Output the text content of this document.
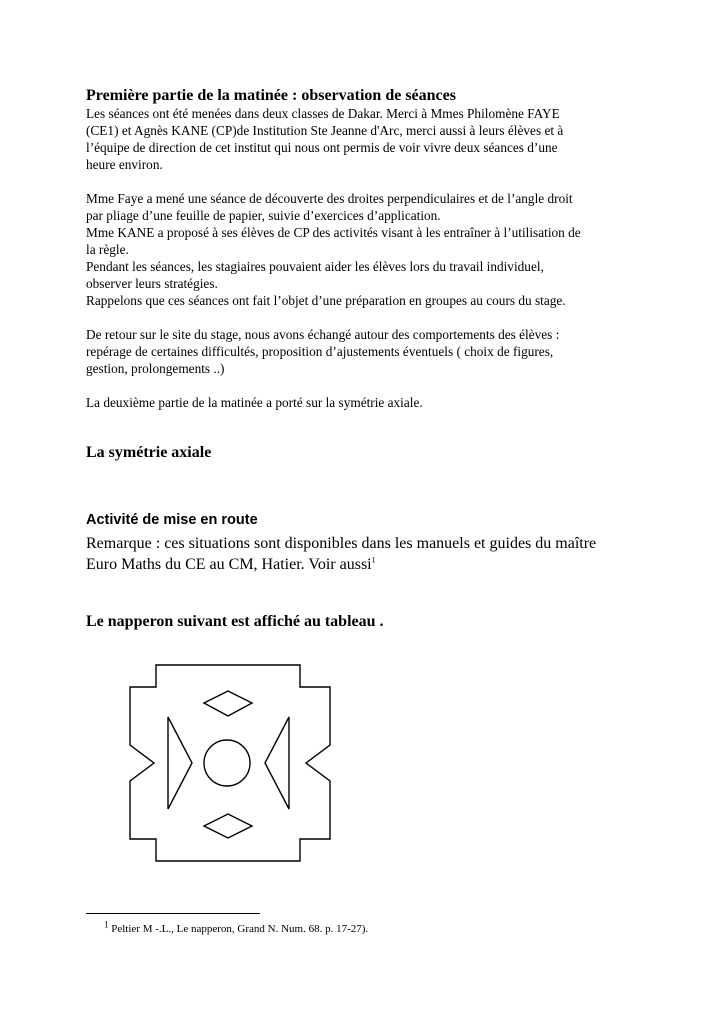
Première partie de la matinée : observation de séances

Les séances ont été menées dans deux classes de Dakar. Merci à Mmes Philomène FAYE

(CE1) et Agnès KANE (CP)de Institution Ste Jeanne d'Arc, merci aussi à leurs élèves et à

l’équipe de direction de cet institut qui nous ont permis de voir vivre deux séances d’une

heure environ.

Mme Faye a mené une séance de découverte des droites perpendiculaires et de l’angle droit

par pliage d’une feuille de papier, suivie d’exercices d’application.

Mme KANE a proposé à ses élèves de CP des activités visant à les entraîner à l’utilisation de

la règle.

Pendant les séances, les stagiaires pouvaient aider les élèves lors du travail individuel,

observer leurs stratégies.

Rappelons que ces séances ont fait l’objet d’une préparation en groupes au cours du stage.

De retour sur le site du stage, nous avons échangé autour des comportements des élèves :

repérage de certaines difficultés, proposition d’ajustements éventuels ( choix de figures,

gestion, prolongements ..)

La deuxième partie de la matinée a porté sur la symétrie axiale.

La symétrie axiale

Activité de mise en route

Remarque : ces situations sont disponibles dans les manuels et guides du maître
Euro Maths du CE au CM, Hatier. Voir aussi$^1$

Le napperon suivant est affiché au tableau .

$^1$ Peltier M -.L., Le napperon, Grand N. Num. 68. p. 17-27).
